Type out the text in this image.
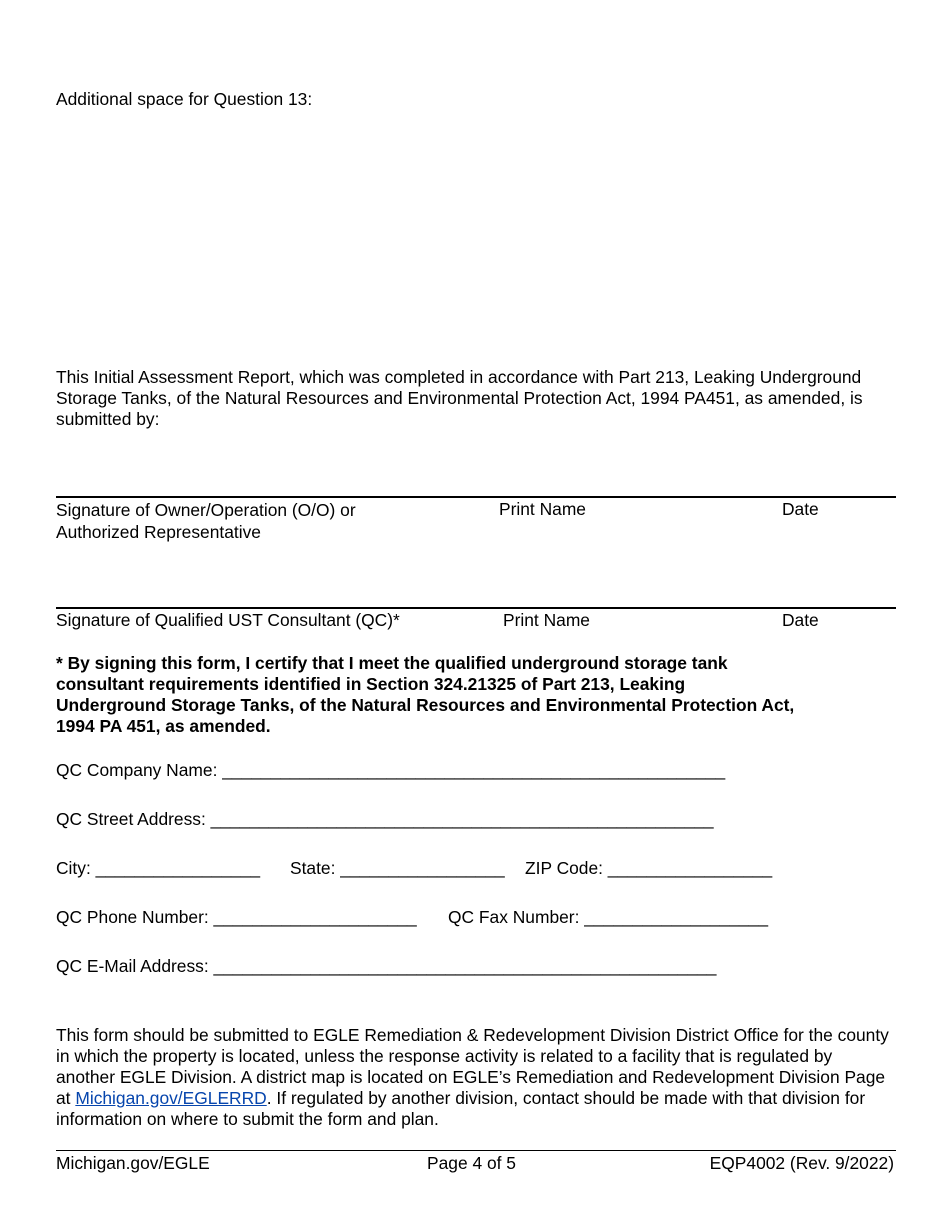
Additional space for Question 13:
This Initial Assessment Report, which was completed in accordance with Part 213, Leaking Underground Storage Tanks, of the Natural Resources and Environmental Protection Act, 1994 PA451, as amended, is submitted by:
Signature of Owner/Operation (O/O) or
Authorized Representative
Print Name	Date
Signature of Qualified UST Consultant (QC)*	Print Name	Date
* By signing this form, I certify that I meet the qualified underground storage tank consultant requirements identified in Section 324.21325 of Part 213, Leaking Underground Storage Tanks, of the Natural Resources and Environmental Protection Act, 1994 PA 451, as amended.
QC Company Name: ____________________________________________________
QC Street Address: ____________________________________________________
City: _________________ State: _________________ ZIP Code: _________________
QC Phone Number: _____________________ QC Fax Number: ___________________
QC E-Mail Address: ____________________________________________________
This form should be submitted to EGLE Remediation & Redevelopment Division District Office for the county in which the property is located, unless the response activity is related to a facility that is regulated by another EGLE Division. A district map is located on EGLE’s Remediation and Redevelopment Division Page at Michigan.gov/EGLERRD. If regulated by another division, contact should be made with that division for information on where to submit the form and plan.
Michigan.gov/EGLE	Page 4 of 5	EQP4002 (Rev. 9/2022)
